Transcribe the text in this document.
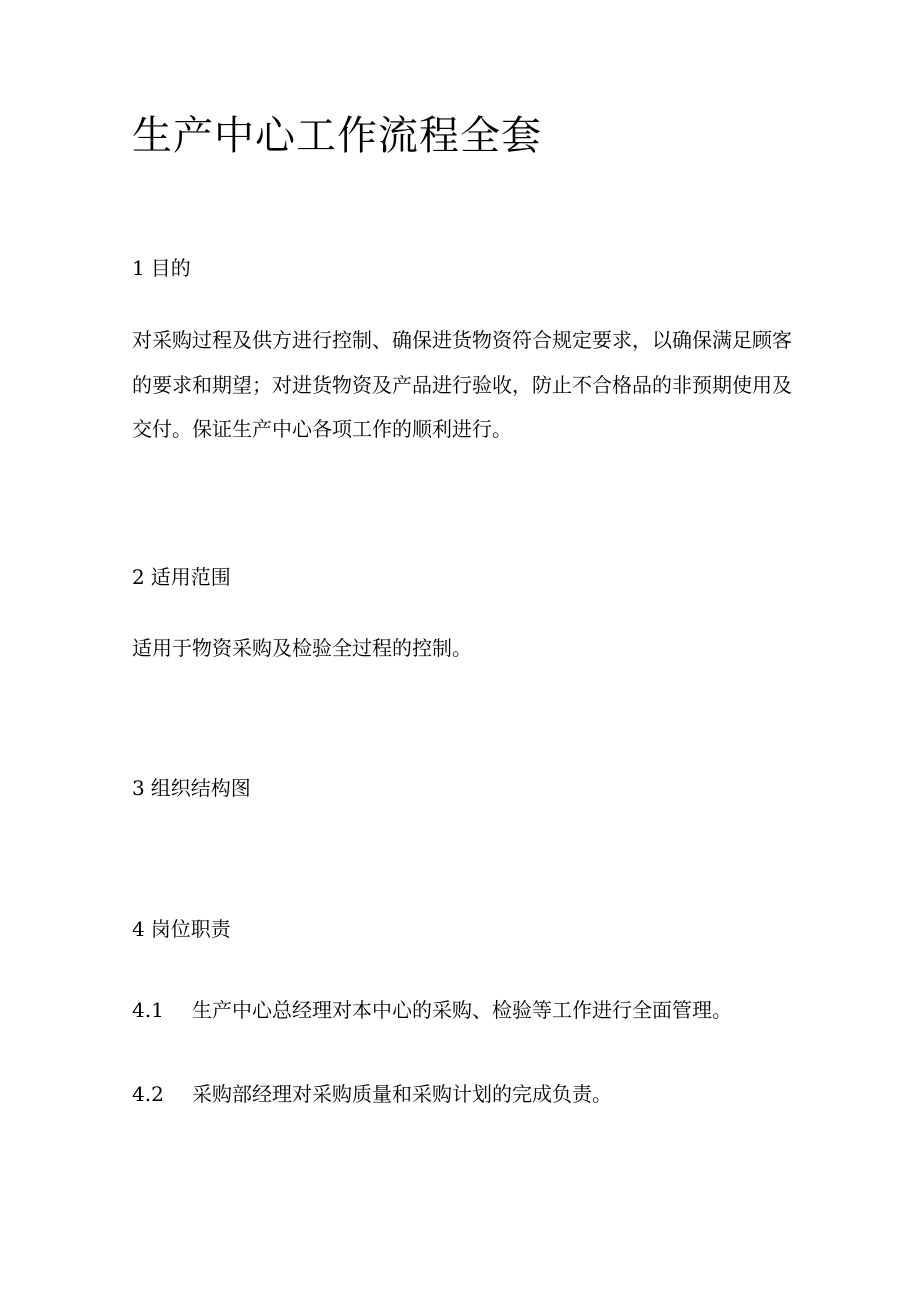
生产中心工作流程全套
1 目的

对采购过程及供方进行控制、确保进货物资符合规定要求，以确保满足顾客的要求和期望；对进货物资及产品进行验收，防止不合格品的非预期使用及交付。保证生产中心各项工作的顺利进行。

2 适用范围

适用于物资采购及检验全过程的控制。

3 组织结构图
4 岗位职责

4.1 生产中心总经理对本中心的采购、检验等工作进行全面管理。

4.2 采购部经理对采购质量和采购计划的完成负责。
